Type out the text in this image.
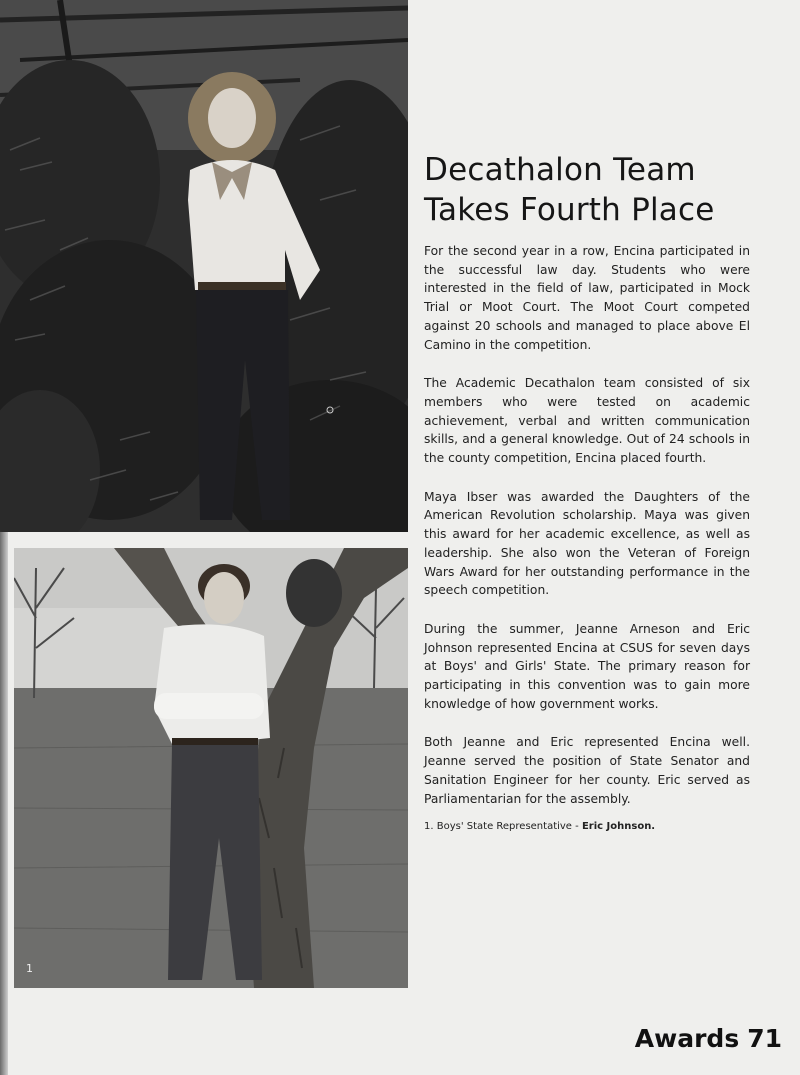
1
Decathalon Team
Takes Fourth Place

For the second year in a row, Encina participated in the successful law day. Students who were interested in the field of law, participated in Mock Trial or Moot Court. The Moot Court competed against 20 schools and managed to place above El Camino in the competition.

The Academic Decathalon team consisted of six members who were tested on academic achievement, verbal and written communication skills, and a general knowledge. Out of 24 schools in the county competition, Encina placed fourth.

Maya Ibser was awarded the Daughters of the American Revolution scholarship. Maya was given this award for her academic excellence, as well as leadership. She also won the Veteran of Foreign Wars Award for her outstanding performance in the speech competition.

During the summer, Jeanne Arneson and Eric Johnson represented Encina at CSUS for seven days at Boys' and Girls' State. The primary reason for participating in this convention was to gain more knowledge of how government works.

Both Jeanne and Eric represented Encina well. Jeanne served the position of State Senator and Sanitation Engineer for her county. Eric served as Parliamentarian for the assembly.

1. Boys' State Representative - Eric Johnson.

Awards 71
